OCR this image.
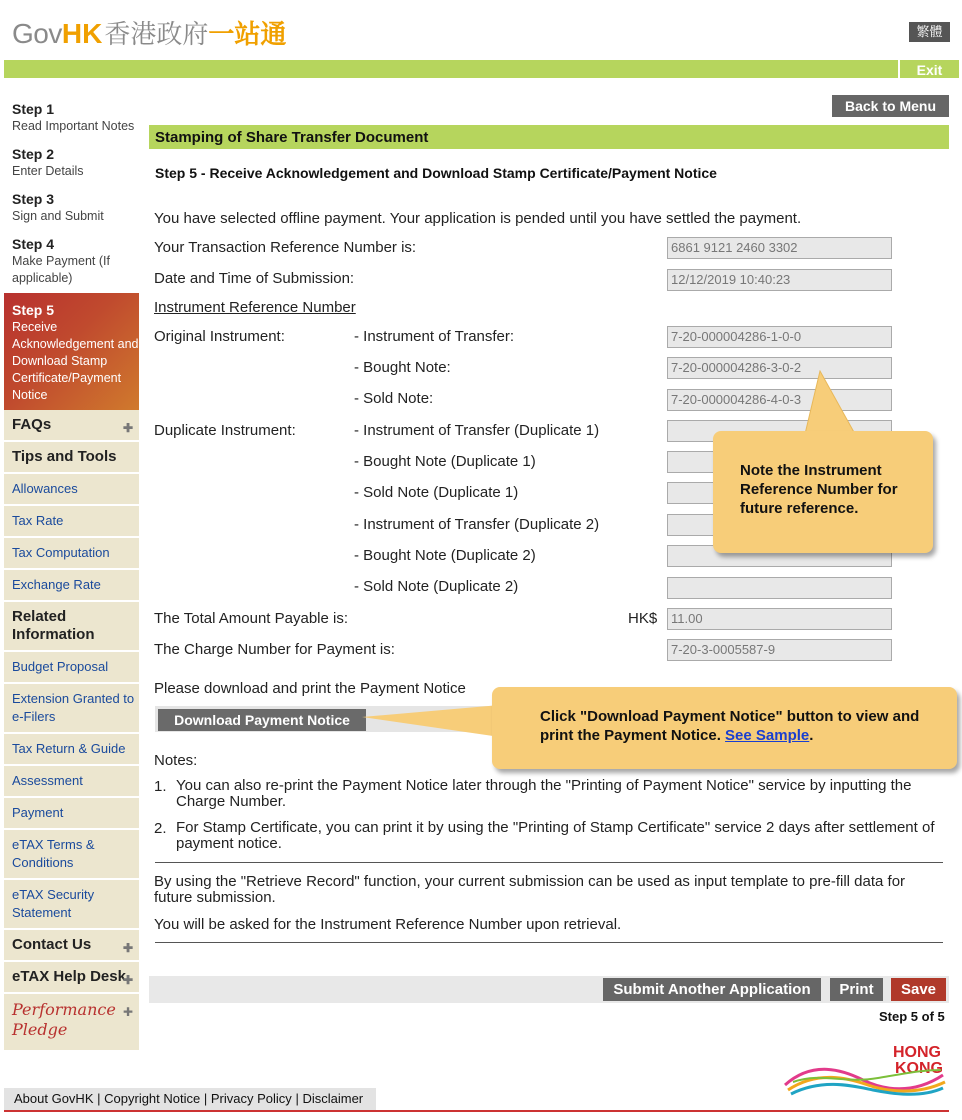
Gov HK 香港政府 一站通	繁體
Exit
Step 1
Read Important Notes
Step 2
Enter Details
Step 3
Sign and Submit
Step 4
Make Payment (If applicable)
Step 5
Receive Acknowledgement and Download Stamp Certificate/Payment Notice
FAQs	✚
Tips and Tools
Allowances
Tax Rate
Tax Computation
Exchange Rate
Related Information
Budget Proposal
Extension Granted to e-Filers
Tax Return & Guide
Assessment
Payment
eTAX Terms & Conditions
eTAX Security Statement
Contact Us	✚
eTAX Help Desk
✚
Performance
Pledge
✚
Back to Menu
Stamping of Share Transfer Document
Step 5 - Receive Acknowledgement and Download Stamp Certificate/Payment Notice
You have selected offline payment. Your application is pended until you have settled the payment.
Your Transaction Reference Number is:	6861 9121 2460 3302
Date and Time of Submission:	12/12/2019 10:40:23
Instrument Reference Number
Original Instrument:	- Instrument of Transfer:	7-20-000004286-1-0-0
- Bought Note:	7-20-000004286-3-0-2
- Sold Note:	7-20-000004286-4-0-3
Duplicate Instrument:	- Instrument of Transfer (Duplicate 1)
- Bought Note (Duplicate 1)
- Sold Note (Duplicate 1)
- Instrument of Transfer (Duplicate 2)
- Bought Note (Duplicate 2)
- Sold Note (Duplicate 2)
The Total Amount Payable is:	HK$	11.00
The Charge Number for Payment is:	7-20-3-0005587-9
Please download and print the Payment Notice
Download Payment Notice
Notes:
1. You can also re-print the Payment Notice later through the "Printing of Payment Notice" service by inputting the Charge Number.
2. For Stamp Certificate, you can print it by using the "Printing of Stamp Certificate" service 2 days after settlement of payment notice.
By using the "Retrieve Record" function, your current submission can be used as input template to pre-fill data for future submission.
You will be asked for the Instrument Reference Number upon retrieval.
Submit Another Application	Print	Save
Step 5 of 5
Note the Instrument Reference Number for future reference.
Click "Download Payment Notice" button to view and print the Payment Notice. See Sample.
About GovHK | Copyright Notice | Privacy Policy | Disclaimer
HONG
KONG
